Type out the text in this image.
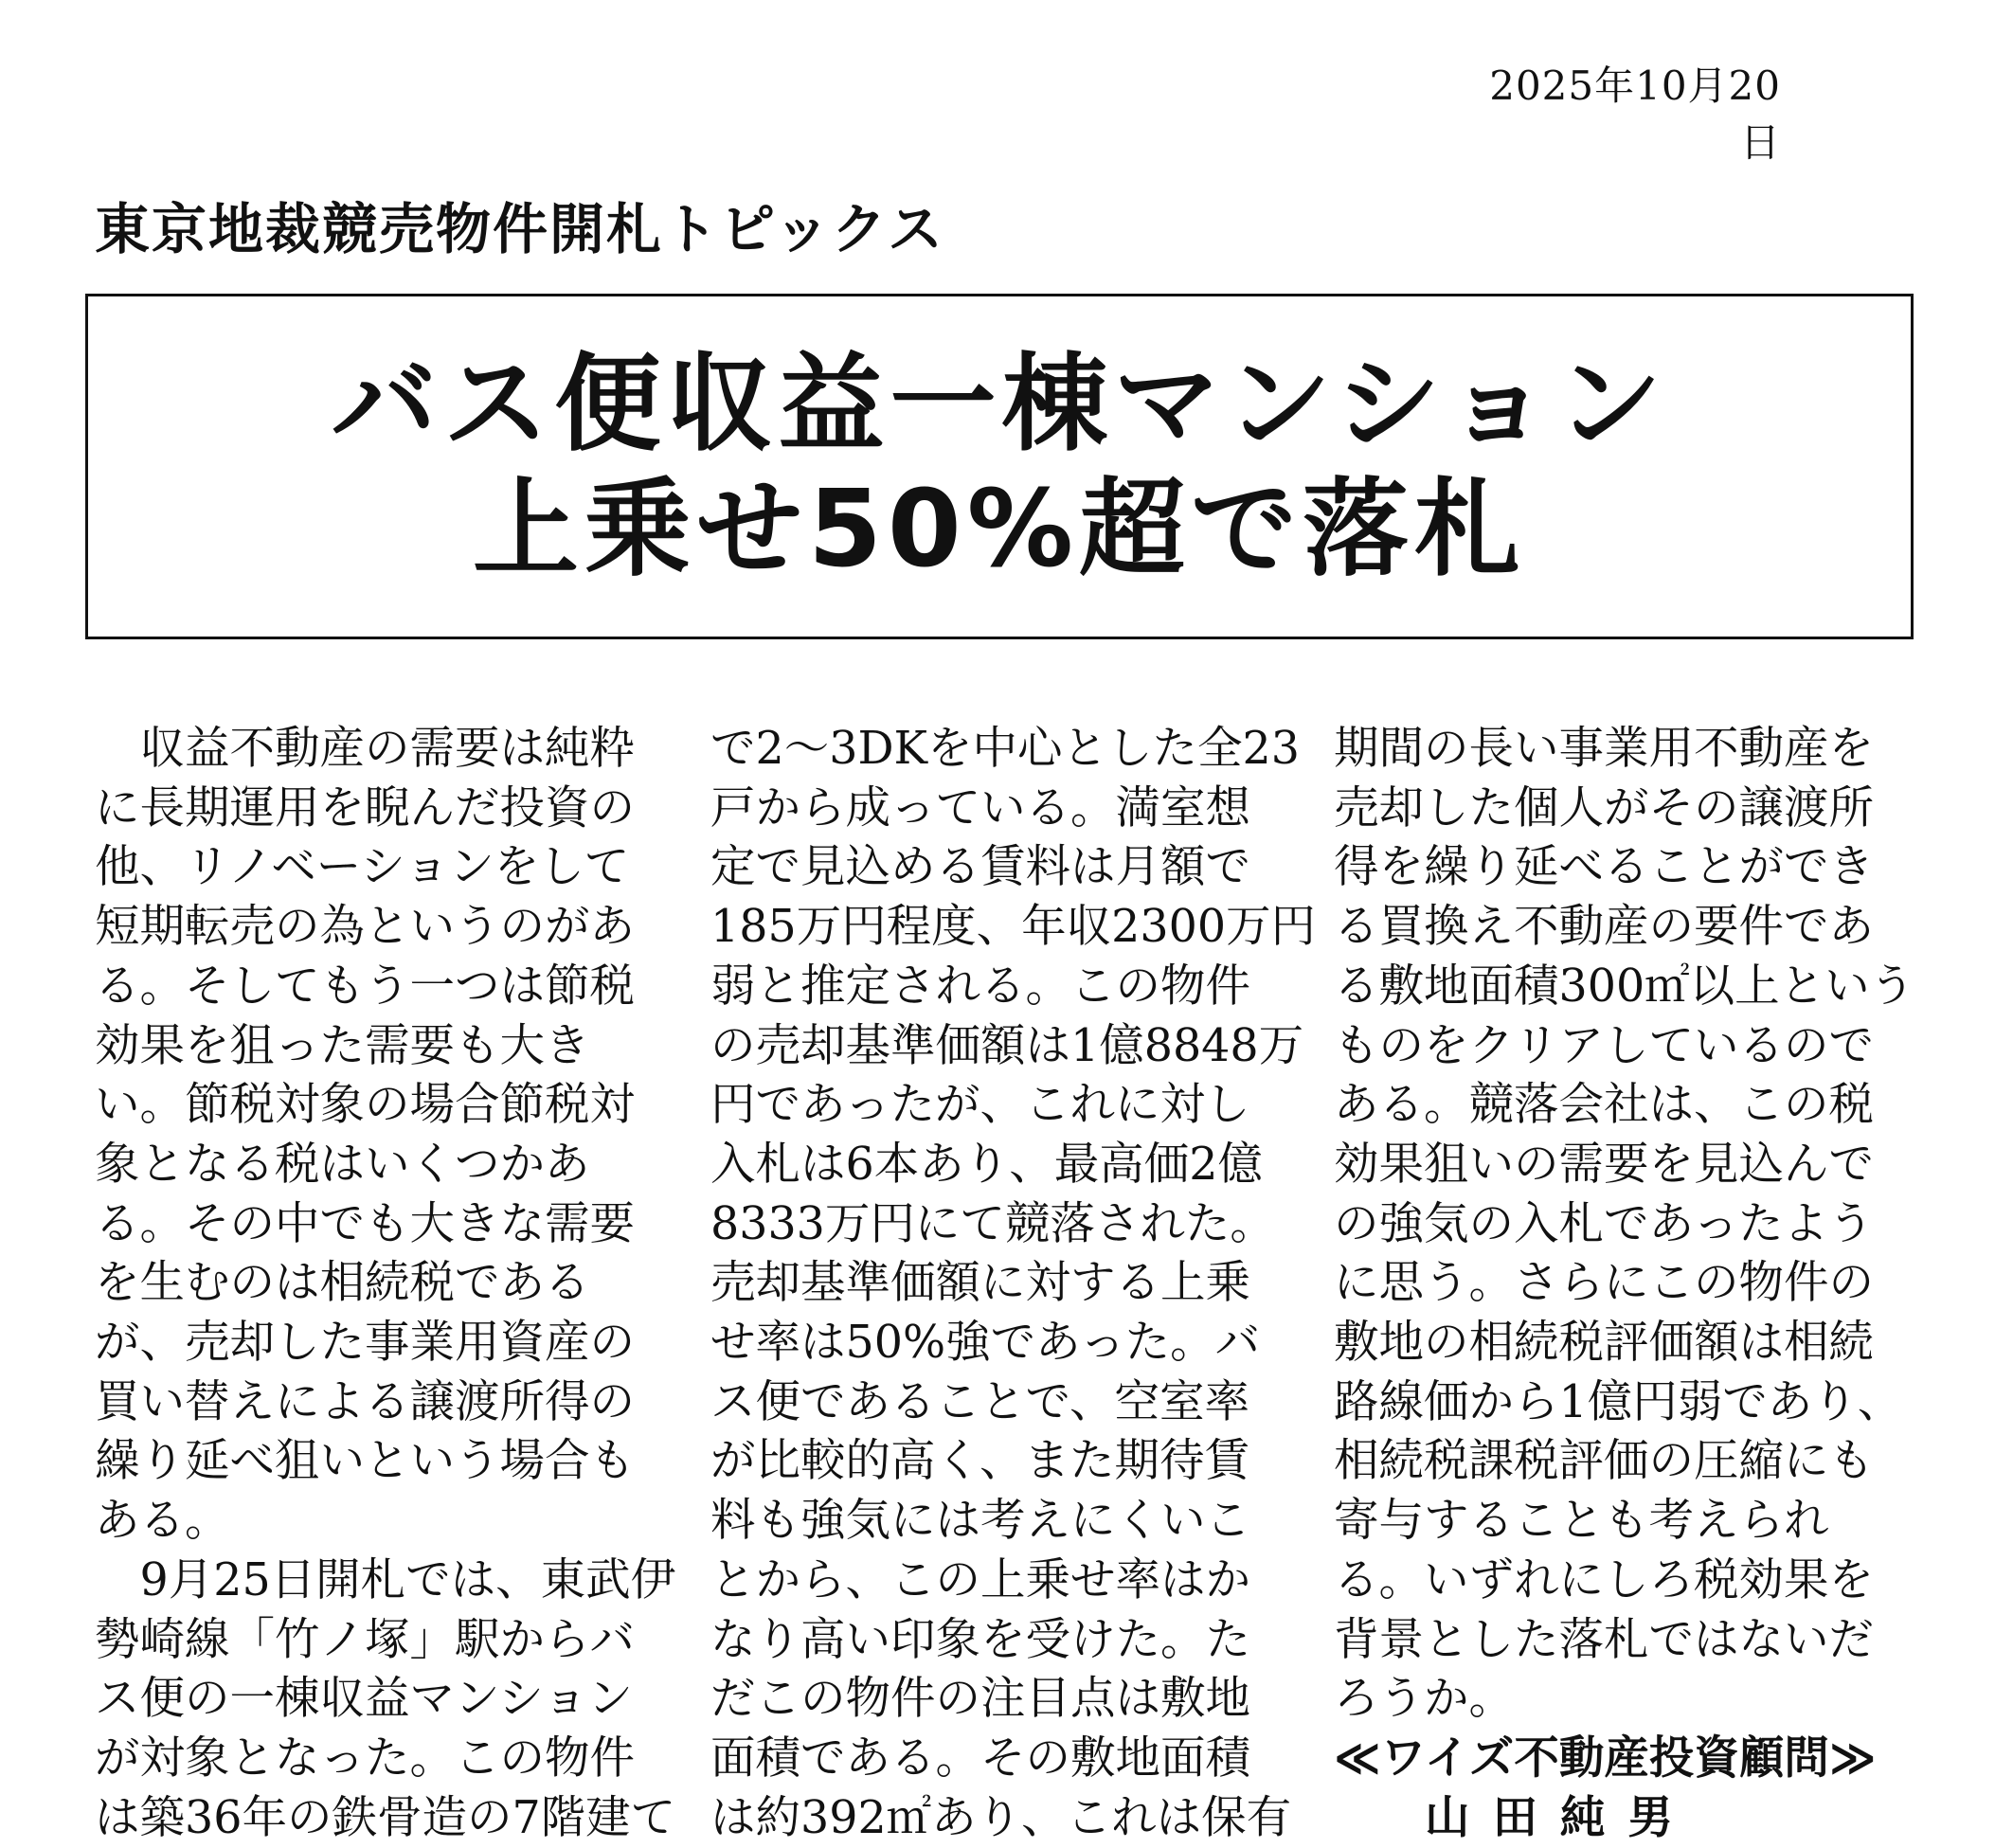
2025年10月20日
東京地裁競売物件開札トピックス
バス便収益一棟マンション
上乗せ50%超で落札
　収益不動産の需要は純粋
に長期運用を睨んだ投資の
他、リノベーションをして
短期転売の為というのがあ
る。そしてもう一つは節税
効果を狙った需要も大き
い。節税対象の場合節税対
象となる税はいくつかあ
る。その中でも大きな需要
を生むのは相続税である
が、売却した事業用資産の
買い替えによる譲渡所得の
繰り延べ狙いという場合も
ある。
　9月25日開札では、東武伊
勢崎線「竹ノ塚」駅からバ
ス便の一棟収益マンション
が対象となった。この物件
は築36年の鉄骨造の7階建て
で2〜3DKを中心とした全23
戸から成っている。満室想
定で見込める賃料は月額で
185万円程度、年収2300万円
弱と推定される。この物件
の売却基準価額は1億8848万
円であったが、これに対し
入札は6本あり、最高価2億
8333万円にて競落された。
売却基準価額に対する上乗
せ率は50%強であった。バ
ス便であることで、空室率
が比較的高く、また期待賃
料も強気には考えにくいこ
とから、この上乗せ率はか
なり高い印象を受けた。た
だこの物件の注目点は敷地
面積である。その敷地面積
は約392㎡あり、これは保有
期間の長い事業用不動産を
売却した個人がその譲渡所
得を繰り延べることができ
る買換え不動産の要件であ
る敷地面積300㎡以上という
ものをクリアしているので
ある。競落会社は、この税
効果狙いの需要を見込んで
の強気の入札であったよう
に思う。さらにこの物件の
敷地の相続税評価額は相続
路線価から1億円弱であり、
相続税課税評価の圧縮にも
寄与することも考えられ
る。いずれにしろ税効果を
背景とした落札ではないだ
ろうか。
≪ワイズ不動産投資顧問≫
山田純男
